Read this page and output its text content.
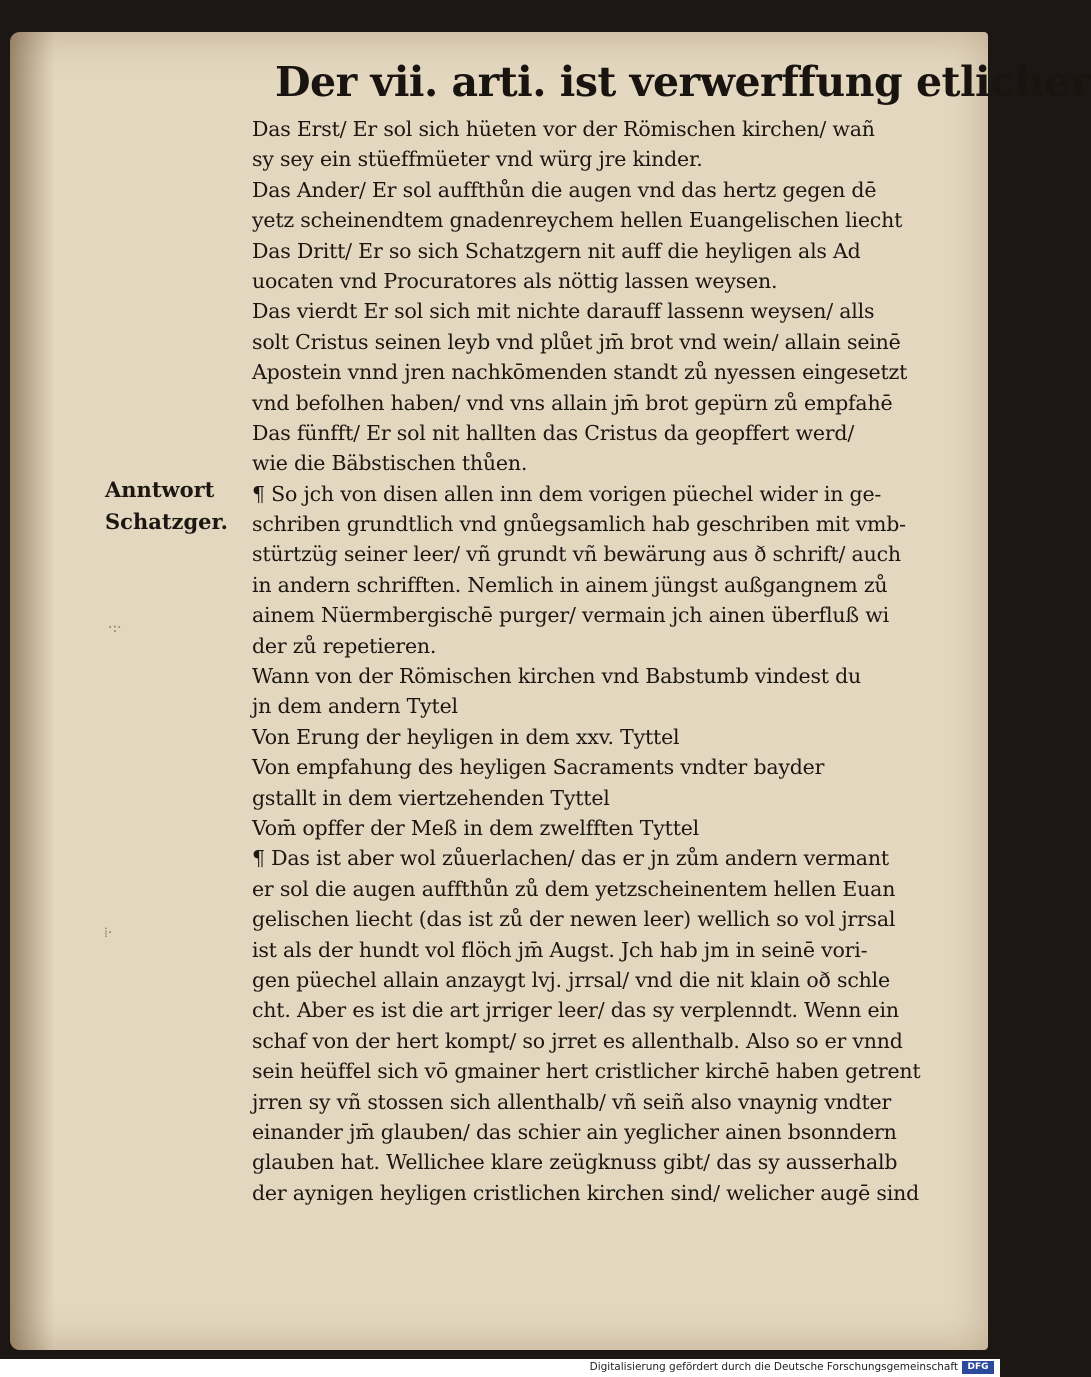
Der vii. arti. ist verwerffung etlicher
Anntwort
Schatzger.
·:·
⁞·
Das Erst/ Er sol sich hüeten vor der Römischen kirchen/ wañ
sy sey ein stüeffmüeter vnd würg jre kinder.
Das Ander/ Er sol auffthůn die augen vnd das hertz gegen dē
yetz scheinendtem gnadenreychem hellen Euangelischen liecht
Das Dritt/ Er so sich Schatzgern nit auff die heyligen als Ad
uocaten vnd Procuratores als nöttig lassen weysen.
Das vierdt Er sol sich mit nichte darauff lassenn weysen/ alls
solt Cristus seinen leyb vnd plůet jm̄ brot vnd wein/ allain seinē
Apostein vnnd jren nachkōmenden standt zů nyessen eingesetzt
vnd befolhen haben/ vnd vns allain jm̄ brot gepürn zů empfahē
Das fünfft/ Er sol nit hallten das Cristus da geopffert werd/
wie die Bäbstischen thůen.
¶ So jch von disen allen inn dem vorigen püechel wider in ge-
schriben grundtlich vnd gnůegsamlich hab geschriben mit vmb-
stürtzüg seiner leer/ vñ grundt vñ bewärung aus ð schrift/ auch
in andern schrifften. Nemlich in ainem jüngst außgangnem zů
ainem Nüermbergischē purger/ vermain jch ainen überfluß wi
der zů repetieren.
Wann von der Römischen kirchen vnd Babstumb vindest du
jn dem andern Tytel
Von Erung der heyligen in dem xxv. Tyttel
Von empfahung des heyligen Sacraments vndter bayder
gstallt in dem viertzehenden Tyttel
Vom̄ opffer der Meß in dem zwelfften Tyttel
¶ Das ist aber wol zůuerlachen/ das er jn zům andern vermant
er sol die augen auffthůn zů dem yetzscheinentem hellen Euan
gelischen liecht (das ist zů der newen leer) wellich so vol jrrsal
ist als der hundt vol flöch jm̄ Augst. Jch hab jm in seinē vori-
gen püechel allain anzaygt lvj. jrrsal/ vnd die nit klain oð schle
cht. Aber es ist die art jrriger leer/ das sy verplenndt. Wenn ein
schaf von der hert kompt/ so jrret es allenthalb. Also so er vnnd
sein heüffel sich vō gmainer hert cristlicher kirchē haben getrent
jrren sy vñ stossen sich allenthalb/ vñ seiñ also vnaynig vndter
einander jm̄ glauben/ das schier ain yeglicher ainen bsonndern
glauben hat. Wellichee klare zeügknuss gibt/ das sy ausserhalb
der aynigen heyligen cristlichen kirchen sind/ welicher augē sind
Digitalisierung gefördert durch die Deutsche Forschungsgemeinschaft	DFG
